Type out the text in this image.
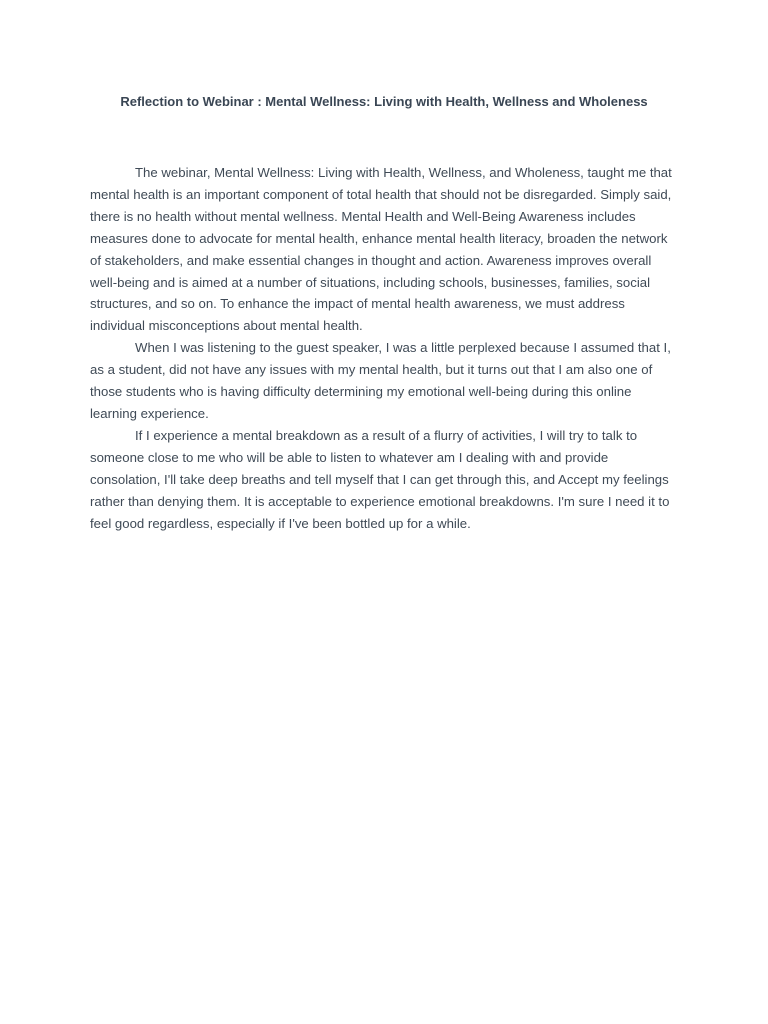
Reflection to Webinar : Mental Wellness: Living with Health, Wellness and Wholeness

The webinar, Mental Wellness: Living with Health, Wellness, and Wholeness, taught me that mental health is an important component of total health that should not be disregarded. Simply said, there is no health without mental wellness. Mental Health and Well-Being Awareness includes measures done to advocate for mental health, enhance mental health literacy, broaden the network of stakeholders, and make essential changes in thought and action. Awareness improves overall well-being and is aimed at a number of situations, including schools, businesses, families, social structures, and so on. To enhance the impact of mental health awareness, we must address individual misconceptions about mental health.

When I was listening to the guest speaker, I was a little perplexed because I assumed that I, as a student, did not have any issues with my mental health, but it turns out that I am also one of those students who is having difficulty determining my emotional well-being during this online learning experience.

If I experience a mental breakdown as a result of a flurry of activities, I will try to talk to someone close to me who will be able to listen to whatever am I dealing with and provide consolation, I'll take deep breaths and tell myself that I can get through this, and Accept my feelings rather than denying them. It is acceptable to experience emotional breakdowns. I'm sure I need it to feel good regardless, especially if I've been bottled up for a while.
